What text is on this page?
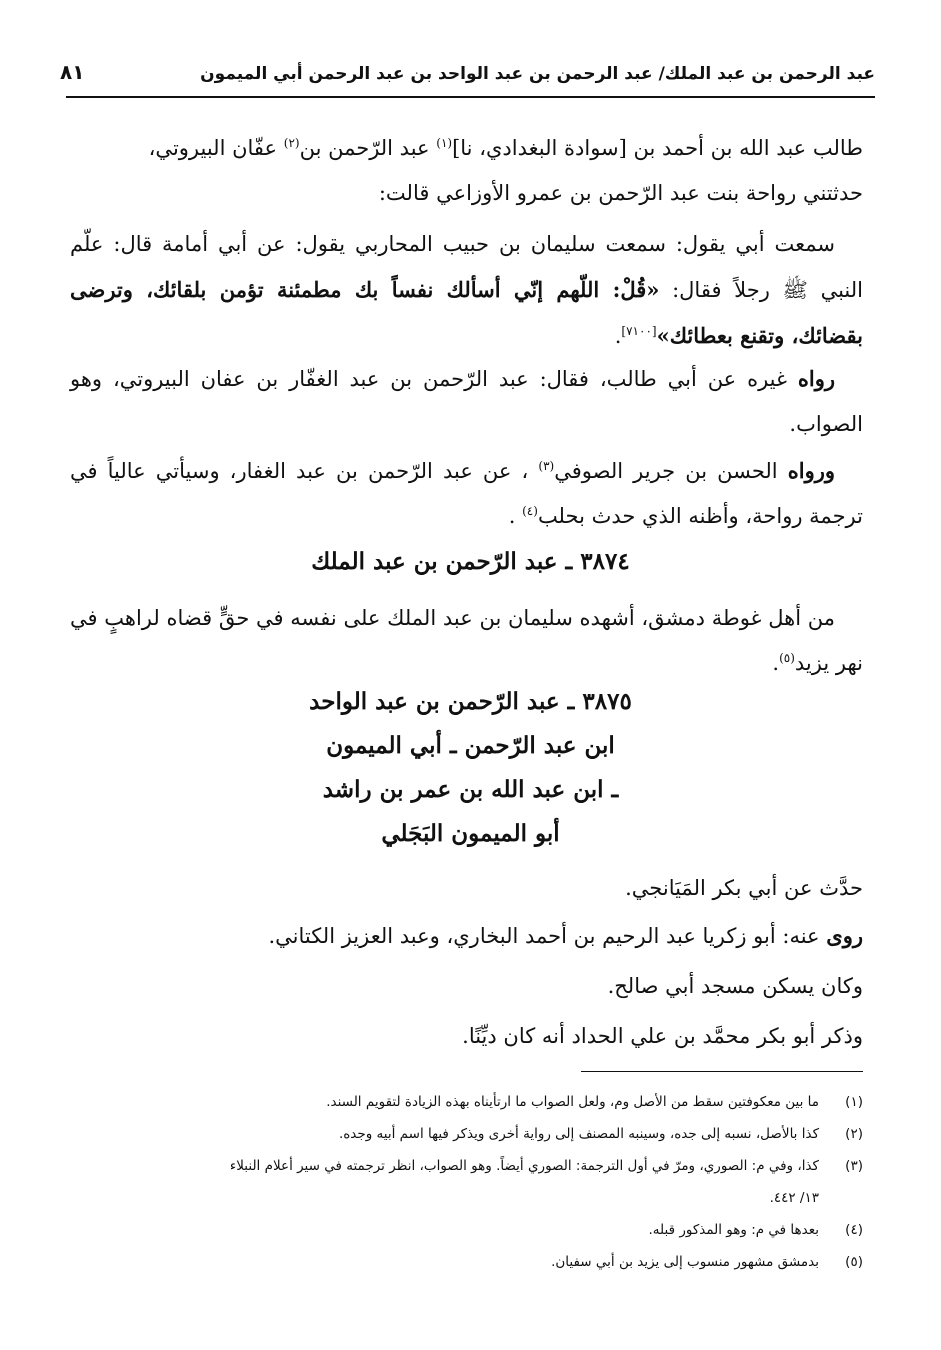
عبد الرحمن بن عبد الملك/ عبد الرحمن بن عبد الواحد بن عبد الرحمن أبي الميمون
٨١
طالب عبد الله بن أحمد بن [سوادة البغدادي، نا]$^{(١)}$ عبد الرّحمن بن$^{(٢)}$ عفّان البيروتي،
حدثتني رواحة بنت عبد الرّحمن بن عمرو الأوزاعي قالت:
سمعت أبي يقول: سمعت سليمان بن حبيب المحاربي يقول: عن أبي أمامة قال: علّم النبي ﷺ رجلاً فقال: «قُلْ: اللّهم إنّي أسألك نفساً بك مطمئنة تؤمن بلقائك، وترضى بقضائك، وتقنع بعطائك»[٧١٠٠].
رواه غيره عن أبي طالب، فقال: عبد الرّحمن بن عبد الغفّار بن عفان البيروتي، وهو الصواب.
ورواه الحسن بن جرير الصوفي$^{(٣)}$ ، عن عبد الرّحمن بن عبد الغفار، وسيأتي عالياً في ترجمة رواحة، وأظنه الذي حدث بحلب$^{(٤)}$ .
٣٨٧٤ ـ عبد الرّحمن بن عبد الملك
من أهل غوطة دمشق، أشهده سليمان بن عبد الملك على نفسه في حقٍّ قضاه لراهبٍ في نهر يزيد$^{(٥)}$.
٣٨٧٥ ـ عبد الرّحمن بن عبد الواحد
ابن عبد الرّحمن ـ أبي الميمون
ـ ابن عبد الله بن عمر بن راشد
أبو الميمون البَجَلي
حدَّث عن أبي بكر المَيَانجي.
روى عنه: أبو زكريا عبد الرحيم بن أحمد البخاري، وعبد العزيز الكتاني.
وكان يسكن مسجد أبي صالح.
وذكر أبو بكر محمَّد بن علي الحداد أنه كان ديِّنًا.
(١)ما بين معكوفتين سقط من الأصل وم، ولعل الصواب ما ارتأيناه بهذه الزيادة لتقويم السند.
(٢)كذا بالأصل، نسبه إلى جده، وسينبه المصنف إلى رواية أخرى ويذكر فيها اسم أبيه وجده.
(٣)كذا، وفي م: الصوري، ومرّ في أول الترجمة: الصوري أيضاً. وهو الصواب، انظر ترجمته في سير أعلام النبلاء
١٣/ ٤٤٢.
(٤)بعدها في م: وهو المذكور قبله.
(٥)بدمشق مشهور منسوب إلى يزيد بن أبي سفيان.
